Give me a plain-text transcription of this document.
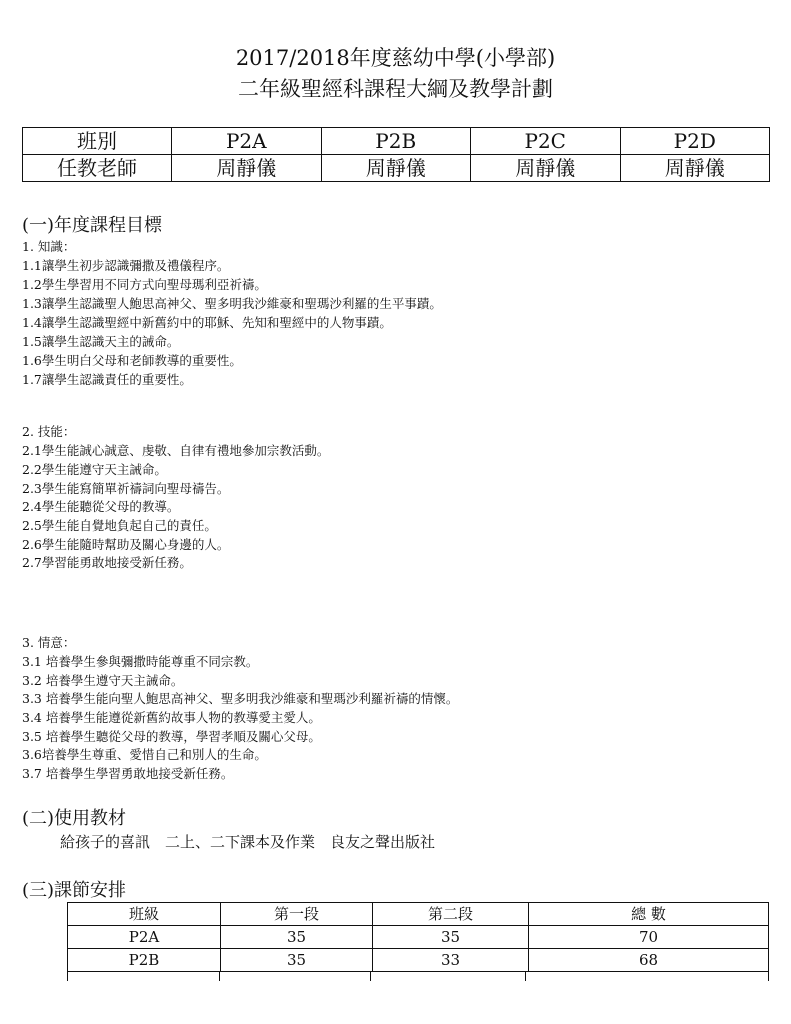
2017/2018年度慈幼中學(小學部)
二年級聖經科課程大綱及教學計劃
班別	P2A	P2B	P2C	P2D
任教老師	周靜儀	周靜儀	周靜儀	周靜儀
(一)年度課程目標
1. 知識：
1.1讓學生初步認識彌撒及禮儀程序。
1.2學生學習用不同方式向聖母瑪利亞祈禱。
1.3讓學生認識聖人鮑思高神父、聖多明我沙維豪和聖瑪沙利羅的生平事蹟。
1.4讓學生認識聖經中新舊約中的耶穌、先知和聖經中的人物事蹟。
1.5讓學生認識天主的誡命。
1.6學生明白父母和老師教導的重要性。
1.7讓學生認識責任的重要性。
2. 技能：
2.1學生能誠心誠意、虔敬、自律有禮地參加宗教活動。
2.2學生能遵守天主誡命。
2.3學生能寫簡單祈禱詞向聖母禱告。
2.4學生能聽從父母的教導。
2.5學生能自覺地負起自己的責任。
2.6學生能隨時幫助及關心身邊的人。
2.7學習能勇敢地接受新任務。
3. 情意：
3.1 培養學生參與彌撒時能尊重不同宗教。
3.2 培養學生遵守天主誡命。
3.3 培養學生能向聖人鮑思高神父、聖多明我沙維豪和聖瑪沙利羅祈禱的情懷。
3.4 培養學生能遵從新舊約故事人物的教導愛主愛人。
3.5 培養學生聽從父母的教導，學習孝順及關心父母。
3.6培養學生尊重、愛惜自己和別人的生命。
3.7 培養學生學習勇敢地接受新任務。
(二)使用教材
給孩子的喜訊　二上、二下課本及作業　良友之聲出版社
(三)課節安排
班級	第一段	第二段	總 數
P2A	35	35	70
P2B	35	33	68
